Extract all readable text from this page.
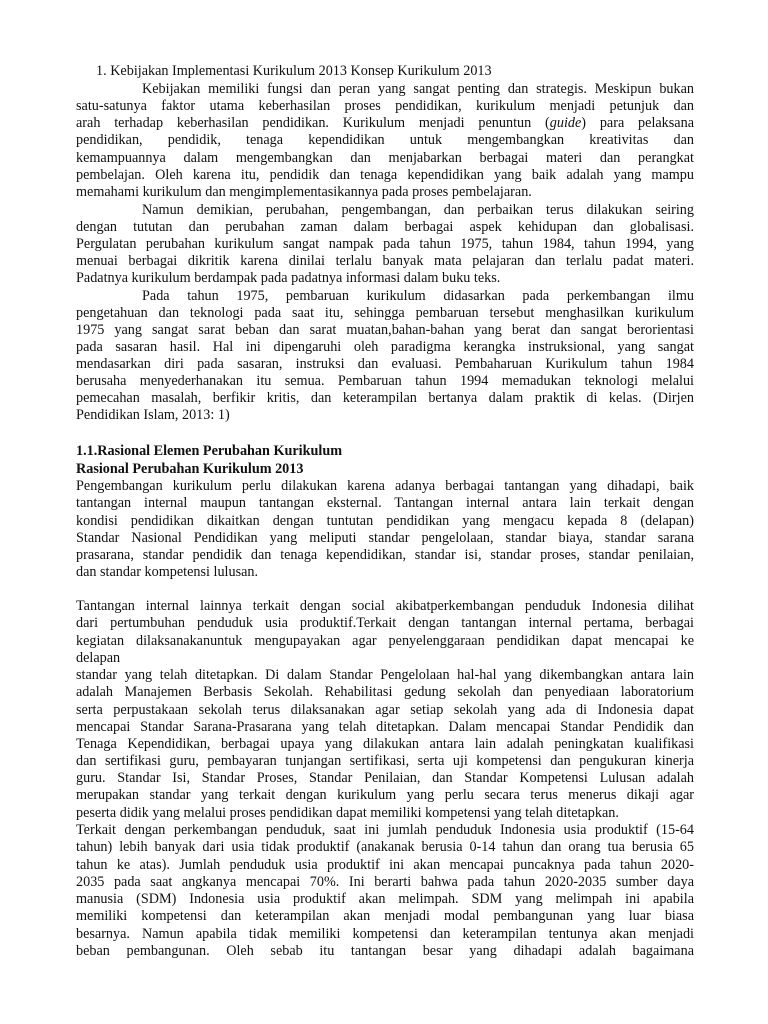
1. Kebijakan Implementasi Kurikulum 2013 Konsep Kurikulum 2013
Kebijakan memiliki fungsi dan peran yang sangat penting dan strategis. Meskipun bukan
satu-satunya faktor utama keberhasilan proses pendidikan, kurikulum menjadi petunjuk dan
arah terhadap keberhasilan pendidikan. Kurikulum menjadi penuntun (guide) para pelaksana
pendidikan, pendidik, tenaga kependidikan untuk mengembangkan kreativitas dan
kemampuannya dalam mengembangkan dan menjabarkan berbagai materi dan perangkat
pembelajan. Oleh karena itu, pendidik dan tenaga kependidikan yang baik adalah yang mampu
memahami kurikulum dan mengimplementasikannya pada proses pembelajaran.
Namun demikian, perubahan, pengembangan, dan perbaikan terus dilakukan seiring
dengan tututan dan perubahan zaman dalam berbagai aspek kehidupan dan globalisasi.
Pergulatan perubahan kurikulum sangat nampak pada tahun 1975, tahun 1984, tahun 1994, yang
menuai berbagai dikritik karena dinilai terlalu banyak mata pelajaran dan terlalu padat materi.
Padatnya kurikulum berdampak pada padatnya informasi dalam buku teks.
Pada tahun 1975, pembaruan kurikulum didasarkan pada perkembangan ilmu
pengetahuan dan teknologi pada saat itu, sehingga pembaruan tersebut menghasilkan kurikulum
1975 yang sangat sarat beban dan sarat muatan,bahan-bahan yang berat dan sangat berorientasi
pada sasaran hasil. Hal ini dipengaruhi oleh paradigma kerangka instruksional, yang sangat
mendasarkan diri pada sasaran, instruksi dan evaluasi. Pembaharuan Kurikulum tahun 1984
berusaha menyederhanakan itu semua. Pembaruan tahun 1994 memadukan teknologi melalui
pemecahan masalah, berfikir kritis, dan keterampilan bertanya dalam praktik di kelas. (Dirjen
Pendidikan Islam, 2013: 1)
1.1.Rasional Elemen Perubahan Kurikulum
Rasional Perubahan Kurikulum 2013
Pengembangan kurikulum perlu dilakukan karena adanya berbagai tantangan yang dihadapi, baik
tantangan internal maupun tantangan eksternal. Tantangan internal antara lain terkait dengan
kondisi pendidikan dikaitkan dengan tuntutan pendidikan yang mengacu kepada 8 (delapan)
Standar Nasional Pendidikan yang meliputi standar pengelolaan, standar biaya, standar sarana
prasarana, standar pendidik dan tenaga kependidikan, standar isi, standar proses, standar penilaian,
dan standar kompetensi lulusan.
Tantangan internal lainnya terkait dengan social akibatperkembangan penduduk Indonesia dilihat
dari pertumbuhan penduduk usia produktif.Terkait dengan tantangan internal pertama, berbagai
kegiatan dilaksanakanuntuk mengupayakan agar penyelenggaraan pendidikan dapat mencapai ke
delapan
standar yang telah ditetapkan. Di dalam Standar Pengelolaan hal-hal yang dikembangkan antara lain
adalah Manajemen Berbasis Sekolah. Rehabilitasi gedung sekolah dan penyediaan laboratorium
serta perpustakaan sekolah terus dilaksanakan agar setiap sekolah yang ada di Indonesia dapat
mencapai Standar Sarana-Prasarana yang telah ditetapkan. Dalam mencapai Standar Pendidik dan
Tenaga Kependidikan, berbagai upaya yang dilakukan antara lain adalah peningkatan kualifikasi
dan sertifikasi guru, pembayaran tunjangan sertifikasi, serta uji kompetensi dan pengukuran kinerja
guru. Standar Isi, Standar Proses, Standar Penilaian, dan Standar Kompetensi Lulusan adalah
merupakan standar yang terkait dengan kurikulum yang perlu secara terus menerus dikaji agar
peserta didik yang melalui proses pendidikan dapat memiliki kompetensi yang telah ditetapkan.
Terkait dengan perkembangan penduduk, saat ini jumlah penduduk Indonesia usia produktif (15-64
tahun) lebih banyak dari usia tidak produktif (anakanak berusia 0-14 tahun dan orang tua berusia 65
tahun ke atas). Jumlah penduduk usia produktif ini akan mencapai puncaknya pada tahun 2020-
2035 pada saat angkanya mencapai 70%. Ini berarti bahwa pada tahun 2020-2035 sumber daya
manusia (SDM) Indonesia usia produktif akan melimpah. SDM yang melimpah ini apabila
memiliki kompetensi dan keterampilan akan menjadi modal pembangunan yang luar biasa
besarnya. Namun apabila tidak memiliki kompetensi dan keterampilan tentunya akan menjadi
beban pembangunan. Oleh sebab itu tantangan besar yang dihadapi adalah bagaimana
